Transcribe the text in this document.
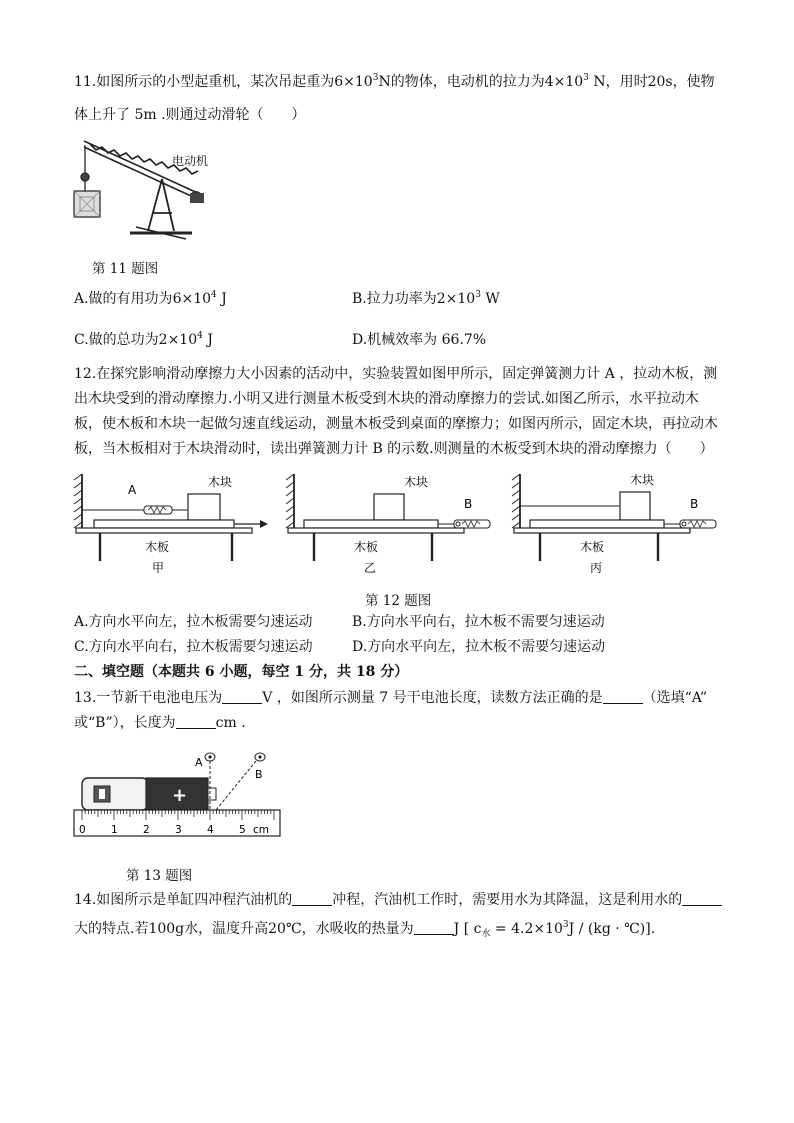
11.如图所示的小型起重机，某次吊起重为$6\times 10^3N$的物体，电动机的拉力为$4\times 10^3$ N，用时20s，使物
体上升了 5m .则通过动滑轮（　　）
电动机
第 11 题图
A.做的有用功为$6\times 10^4$ J	B.拉力功率为$2\times 10^3$ W
C.做的总功为$2\times 10^4$ J	D.机械效率为 66.7%
12.在探究影响滑动摩擦力大小因素的活动中，实验装置如图甲所示，固定弹簧测力计 A ，拉动木板，测
出木块受到的滑动摩擦力.小明又进行测量木板受到木块的滑动摩擦力的尝试.如图乙所示，水平拉动木
板，使木板和木块一起做匀速直线运动，测量木板受到桌面的摩擦力；如图丙所示，固定木块，再拉动木
板，当木板相对于木块滑动时，读出弹簧测力计 B 的示数.则测量的木板受到木块的滑动摩擦力（　　）
A
木块
木板
甲
木块
B
木板
乙
木块
B
木板
丙
第 12 题图
A.方向水平向左，拉木板需要匀速运动	B.方向水平向右，拉木板不需要匀速运动
C.方向水平向右，拉木板需要匀速运动	D.方向水平向左，拉木板不需要匀速运动
二、填空题（本题共 6 小题，每空 1 分，共 18 分）
13.一节新干电池电压为	V ，如图所示测量 7 号干电池长度，读数方法正确的是	（选填“A”
或“B”），长度为	cm .
+
A
B
0 1 2 3 4 5 cm
第 13 题图
14.如图所示是单缸四冲程汽油机的	冲程，汽油机工作时，需要用水为其降温，这是利用水的
大的特点.若100g水，温度升高20℃，水吸收的热量为	J [ $c_水 = 4.2\times 10^3J / (kg$ · ℃)].
